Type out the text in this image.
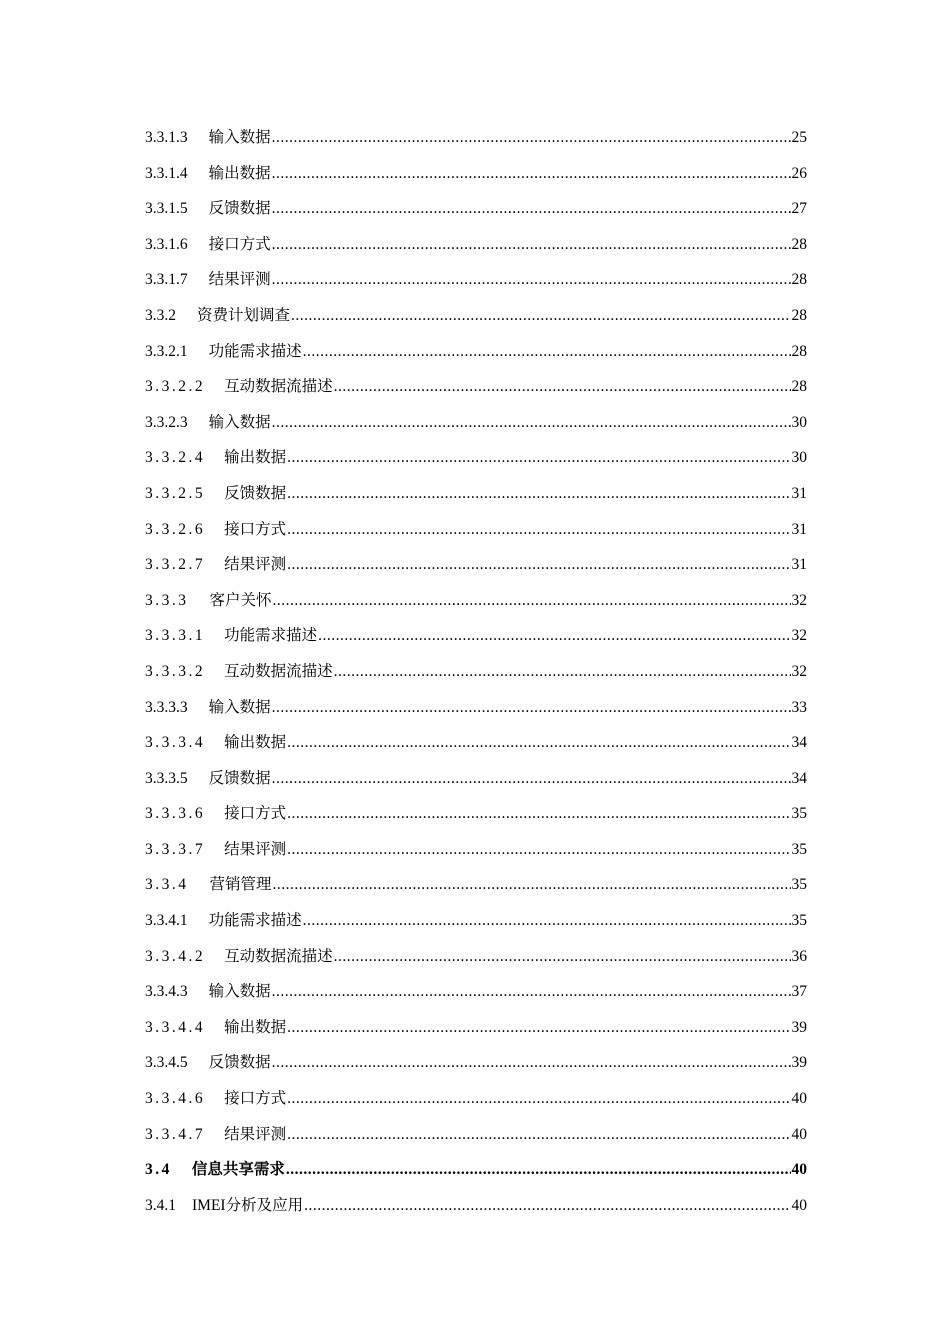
3.3.1.3 输入数据 .....	25
3.3.1.4 输出数据 .....	26
3.3.1.5 反馈数据 .....	27
3.3.1.6 接口方式 .....	28
3.3.1.7 结果评测 .....	28
3.3.2 资费计划调查 .....	28
3.3.2.1 功能需求描述 .....	28
3.3.2.2 互动数据流描述 .....	28
3.3.2.3 输入数据 .....	30
3.3.2.4 输出数据 .....	30
3.3.2.5 反馈数据 .....	31
3.3.2.6 接口方式 .....	31
3.3.2.7 结果评测 .....	31
3.3.3 客户关怀 .....	32
3.3.3.1 功能需求描述 .....	32
3.3.3.2 互动数据流描述 .....	32
3.3.3.3 输入数据 .....	33
3.3.3.4 输出数据 .....	34
3.3.3.5 反馈数据 .....	34
3.3.3.6 接口方式 .....	35
3.3.3.7 结果评测 .....	35
3.3.4 营销管理 .....	35
3.3.4.1 功能需求描述 .....	35
3.3.4.2 互动数据流描述 .....	36
3.3.4.3 输入数据 .....	37
3.3.4.4 输出数据 .....	39
3.3.4.5 反馈数据 .....	39
3.3.4.6 接口方式 .....	40
3.3.4.7 结果评测 .....	40
3.4 信息共享需求 .....	40
3.4.1 IMEI分析及应用 .....	40
